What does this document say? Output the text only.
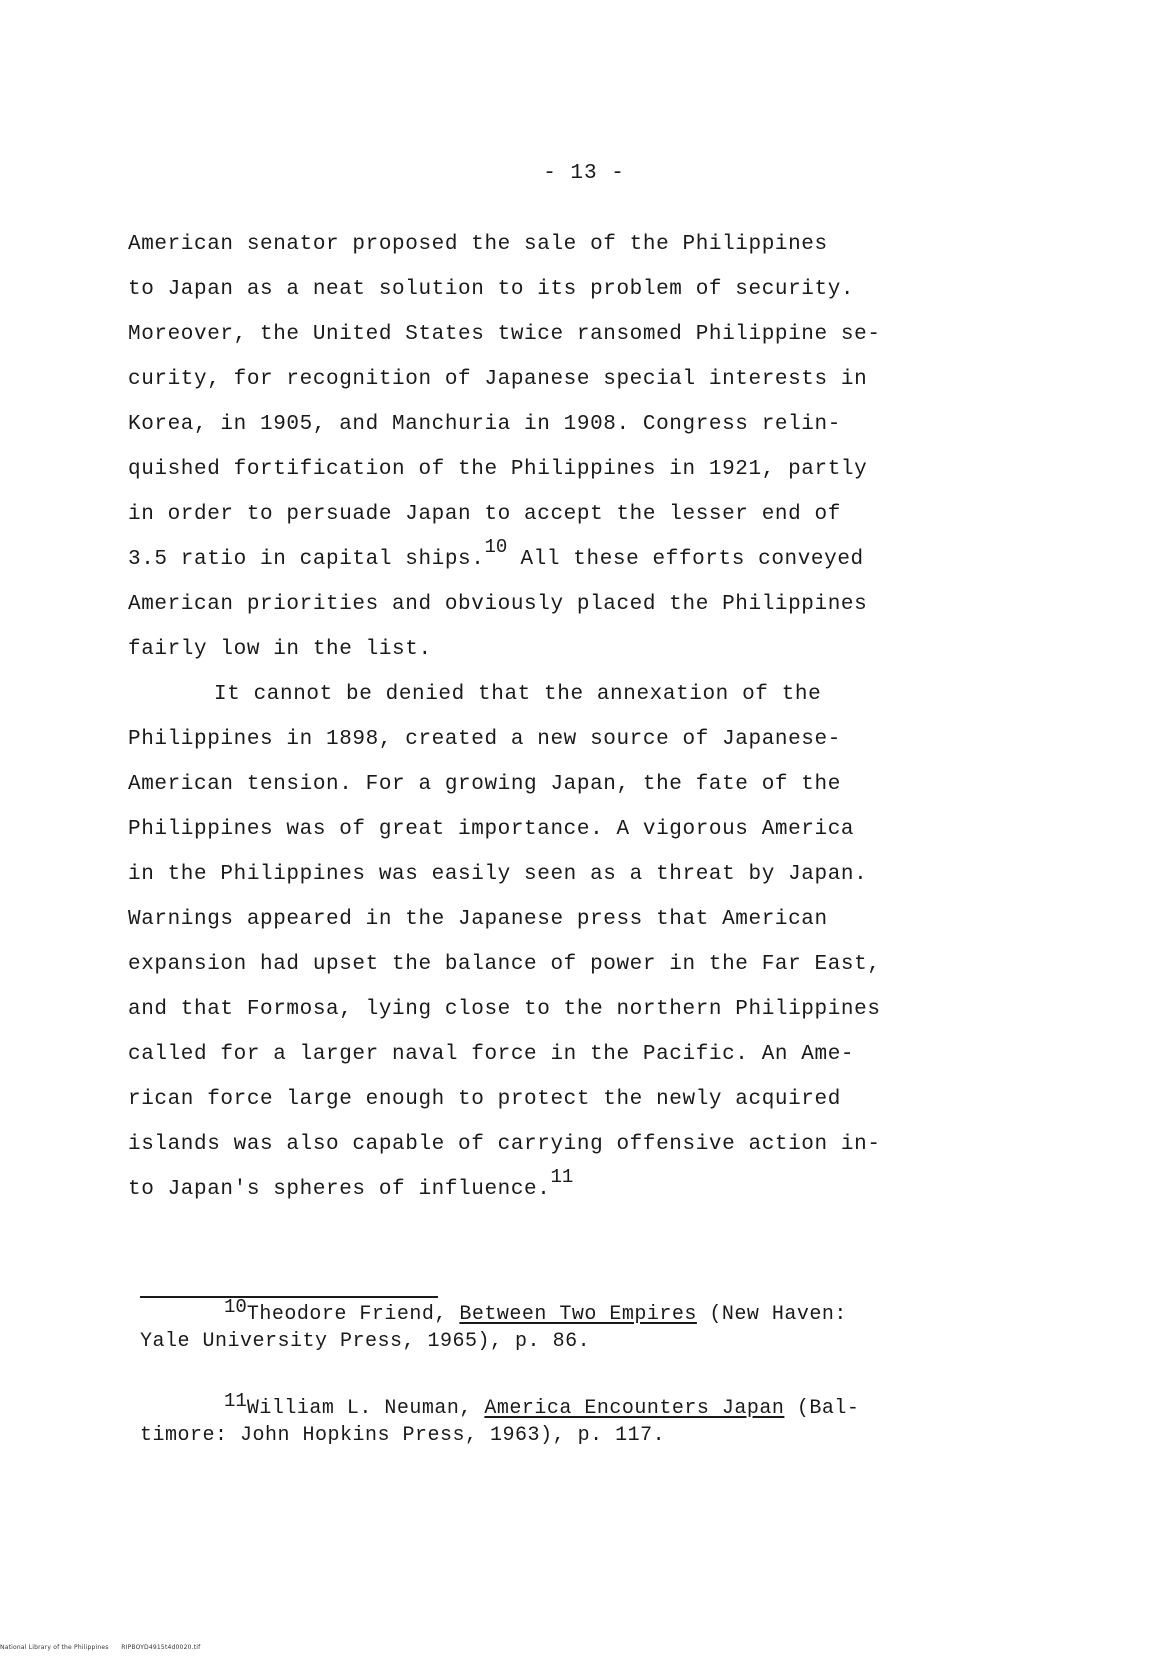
- 13 -
American senator proposed the sale of the Philippines
to Japan as a neat solution to its problem of security.
Moreover, the United States twice ransomed Philippine se-
curity, for recognition of Japanese special interests in
Korea, in 1905, and Manchuria in 1908. Congress relin-
quished fortification of the Philippines in 1921, partly
in order to persuade Japan to accept the lesser end of
3.5 ratio in capital ships.$^{10}$ All these efforts conveyed
American priorities and obviously placed the Philippines
fairly low in the list.
It cannot be denied that the annexation of the
Philippines in 1898, created a new source of Japanese-
American tension. For a growing Japan, the fate of the
Philippines was of great importance. A vigorous America
in the Philippines was easily seen as a threat by Japan.
Warnings appeared in the Japanese press that American
expansion had upset the balance of power in the Far East,
and that Formosa, lying close to the northern Philippines
called for a larger naval force in the Pacific. An Ame-
rican force large enough to protect the newly acquired
islands was also capable of carrying offensive action in-
to Japan's spheres of influence.$^{11}$
10Theodore Friend, Between Two Empires (New Haven:
Yale University Press, 1965), p. 86.
11William L. Neuman, America Encounters Japan (Bal-
timore: John Hopkins Press, 1963), p. 117.
National Library of the Philippines RIPBOYD4915t4d0020.tif
